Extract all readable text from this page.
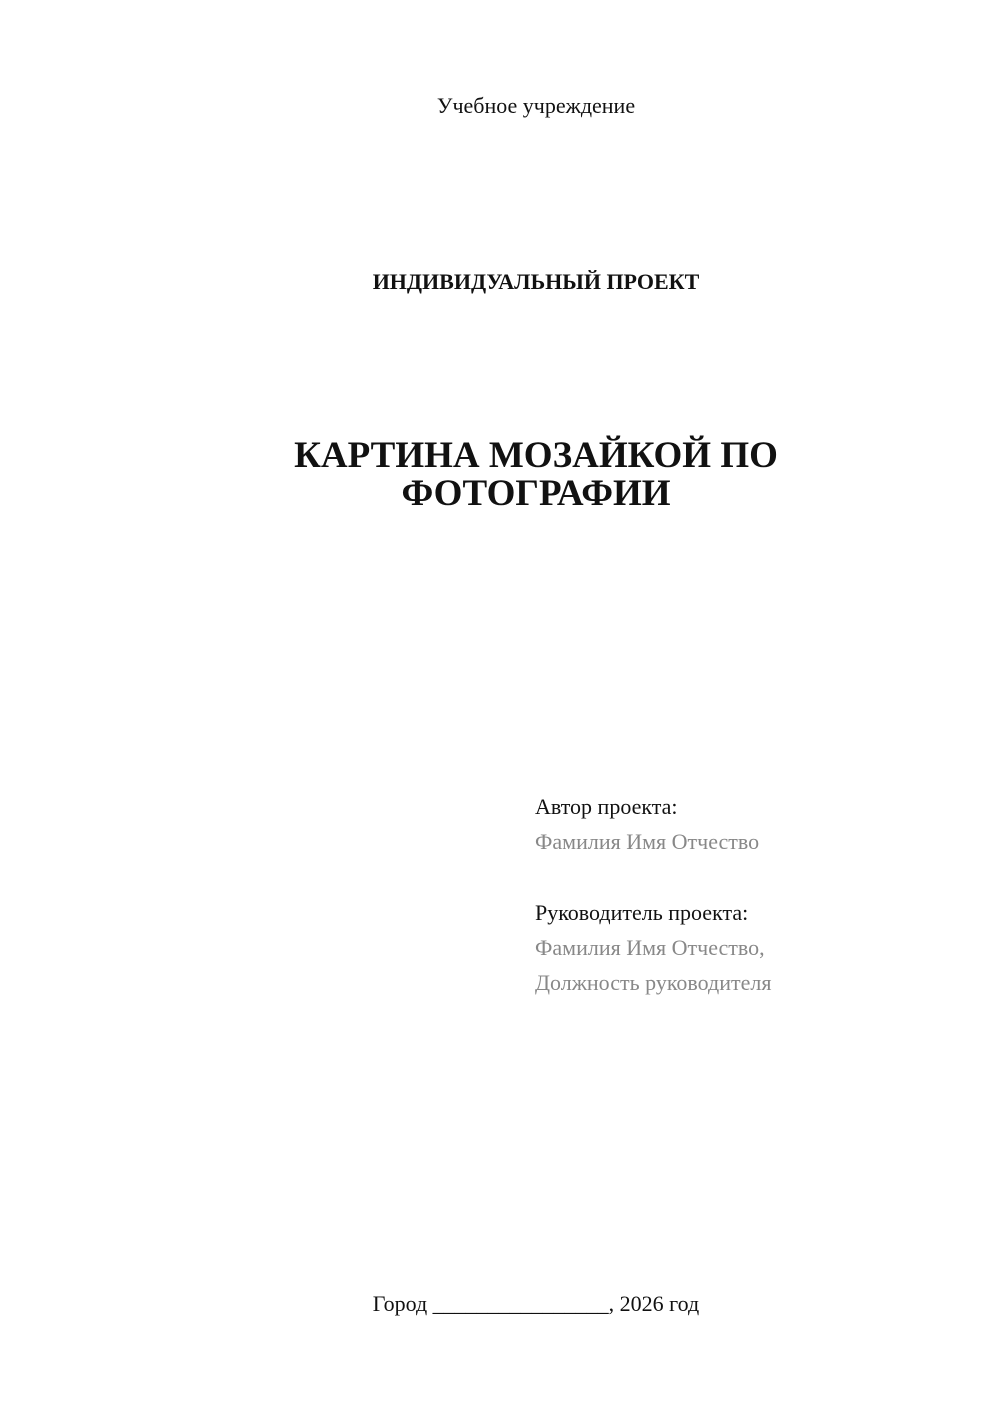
Учебное учреждение
ИНДИВИДУАЛЬНЫЙ ПРОЕКТ
КАРТИНА МОЗАЙКОЙ ПО
ФОТОГРАФИИ
Автор проекта:
Фамилия Имя Отчество
Руководитель проекта:
Фамилия Имя Отчество,
Должность руководителя
Город ________________, 2026 год
